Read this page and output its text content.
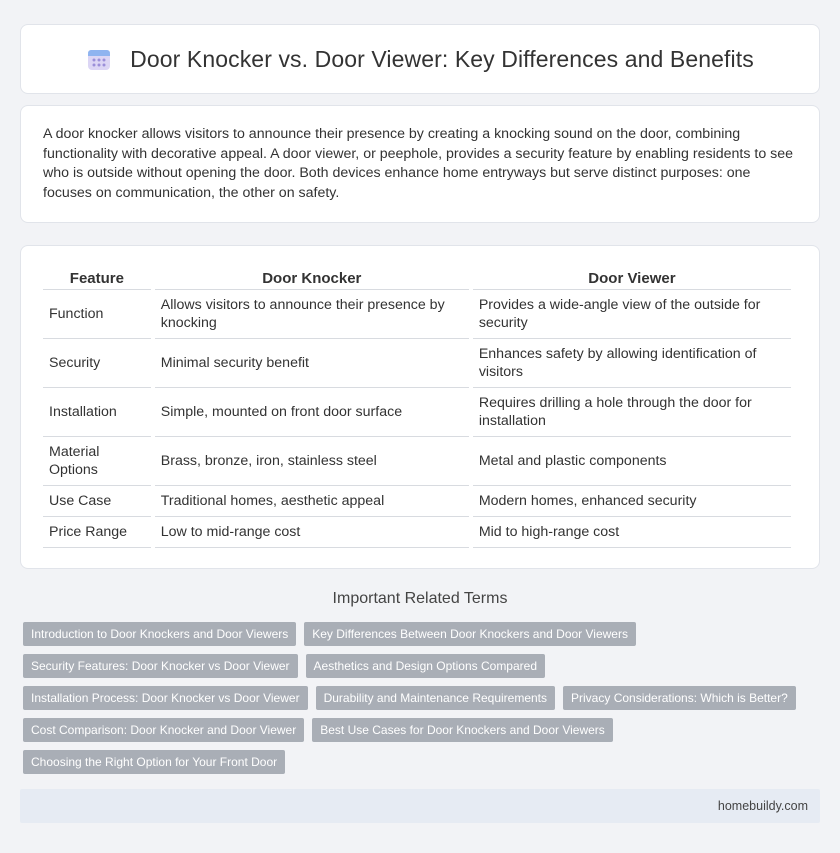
Door Knocker vs. Door Viewer: Key Differences and Benefits

A door knocker allows visitors to announce their presence by creating a knocking sound on the door, combining functionality with decorative appeal. A door viewer, or peephole, provides a security feature by enabling residents to see who is outside without opening the door. Both devices enhance home entryways but serve distinct purposes: one focuses on communication, the other on safety.

Feature	Door Knocker	Door Viewer
Function	Allows visitors to announce their presence by knocking	Provides a wide-angle view of the outside for security
Security	Minimal security benefit	Enhances safety by allowing identification of visitors
Installation	Simple, mounted on front door surface	Requires drilling a hole through the door for installation
Material Options	Brass, bronze, iron, stainless steel	Metal and plastic components
Use Case	Traditional homes, aesthetic appeal	Modern homes, enhanced security
Price Range	Low to mid-range cost	Mid to high-range cost
Important Related Terms
Introduction to Door Knockers and Door Viewers	Key Differences Between Door Knockers and Door Viewers
Security Features: Door Knocker vs Door Viewer	Aesthetics and Design Options Compared
Installation Process: Door Knocker vs Door Viewer	Durability and Maintenance Requirements	Privacy Considerations: Which is Better?
Cost Comparison: Door Knocker and Door Viewer	Best Use Cases for Door Knockers and Door Viewers
Choosing the Right Option for Your Front Door
homebuildy.com
